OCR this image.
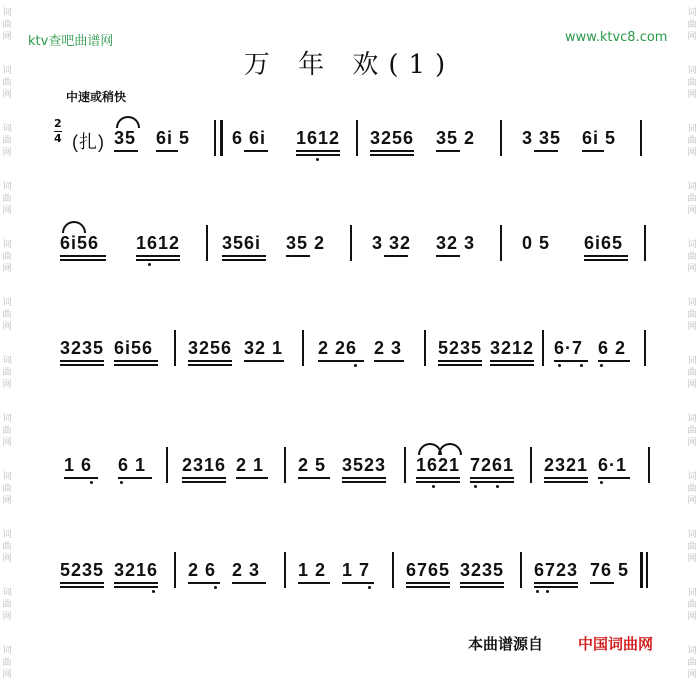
词
曲
网
词
曲
网
词
曲
网
词
曲
网
词
曲
网
词
曲
网
词
曲
网
词
曲
网
词
曲
网
词
曲
网
词
曲
网
词
曲
网
词
曲
网
词
曲
网
词
曲
网
词
曲
网
词
曲
网
词
曲
网
词
曲
网
词
曲
网
词
曲
网
词
曲
网
词
曲
网
词
曲
网
ktv查吧曲谱网	www.ktvc8.com
万 年 欢(1)
中速或稍快
2
4 (扎) 35 6i 5 6 6i 1612 3256 35 2	3 35 6i 5
6i56 1612 356i 35 2	3 32 32 3	0 5 6i65
3235 6i56 3256 32 1 2 26 2 3 5235 3212 6·7 6 2
1 6 6 1 2316 2 1 2 5 3523 1621 7261 2321 6·1
5235 3216 2 6 2 3 1 2 1 7 6765 3235 6723 76 5
本曲谱源自 中国词曲网
